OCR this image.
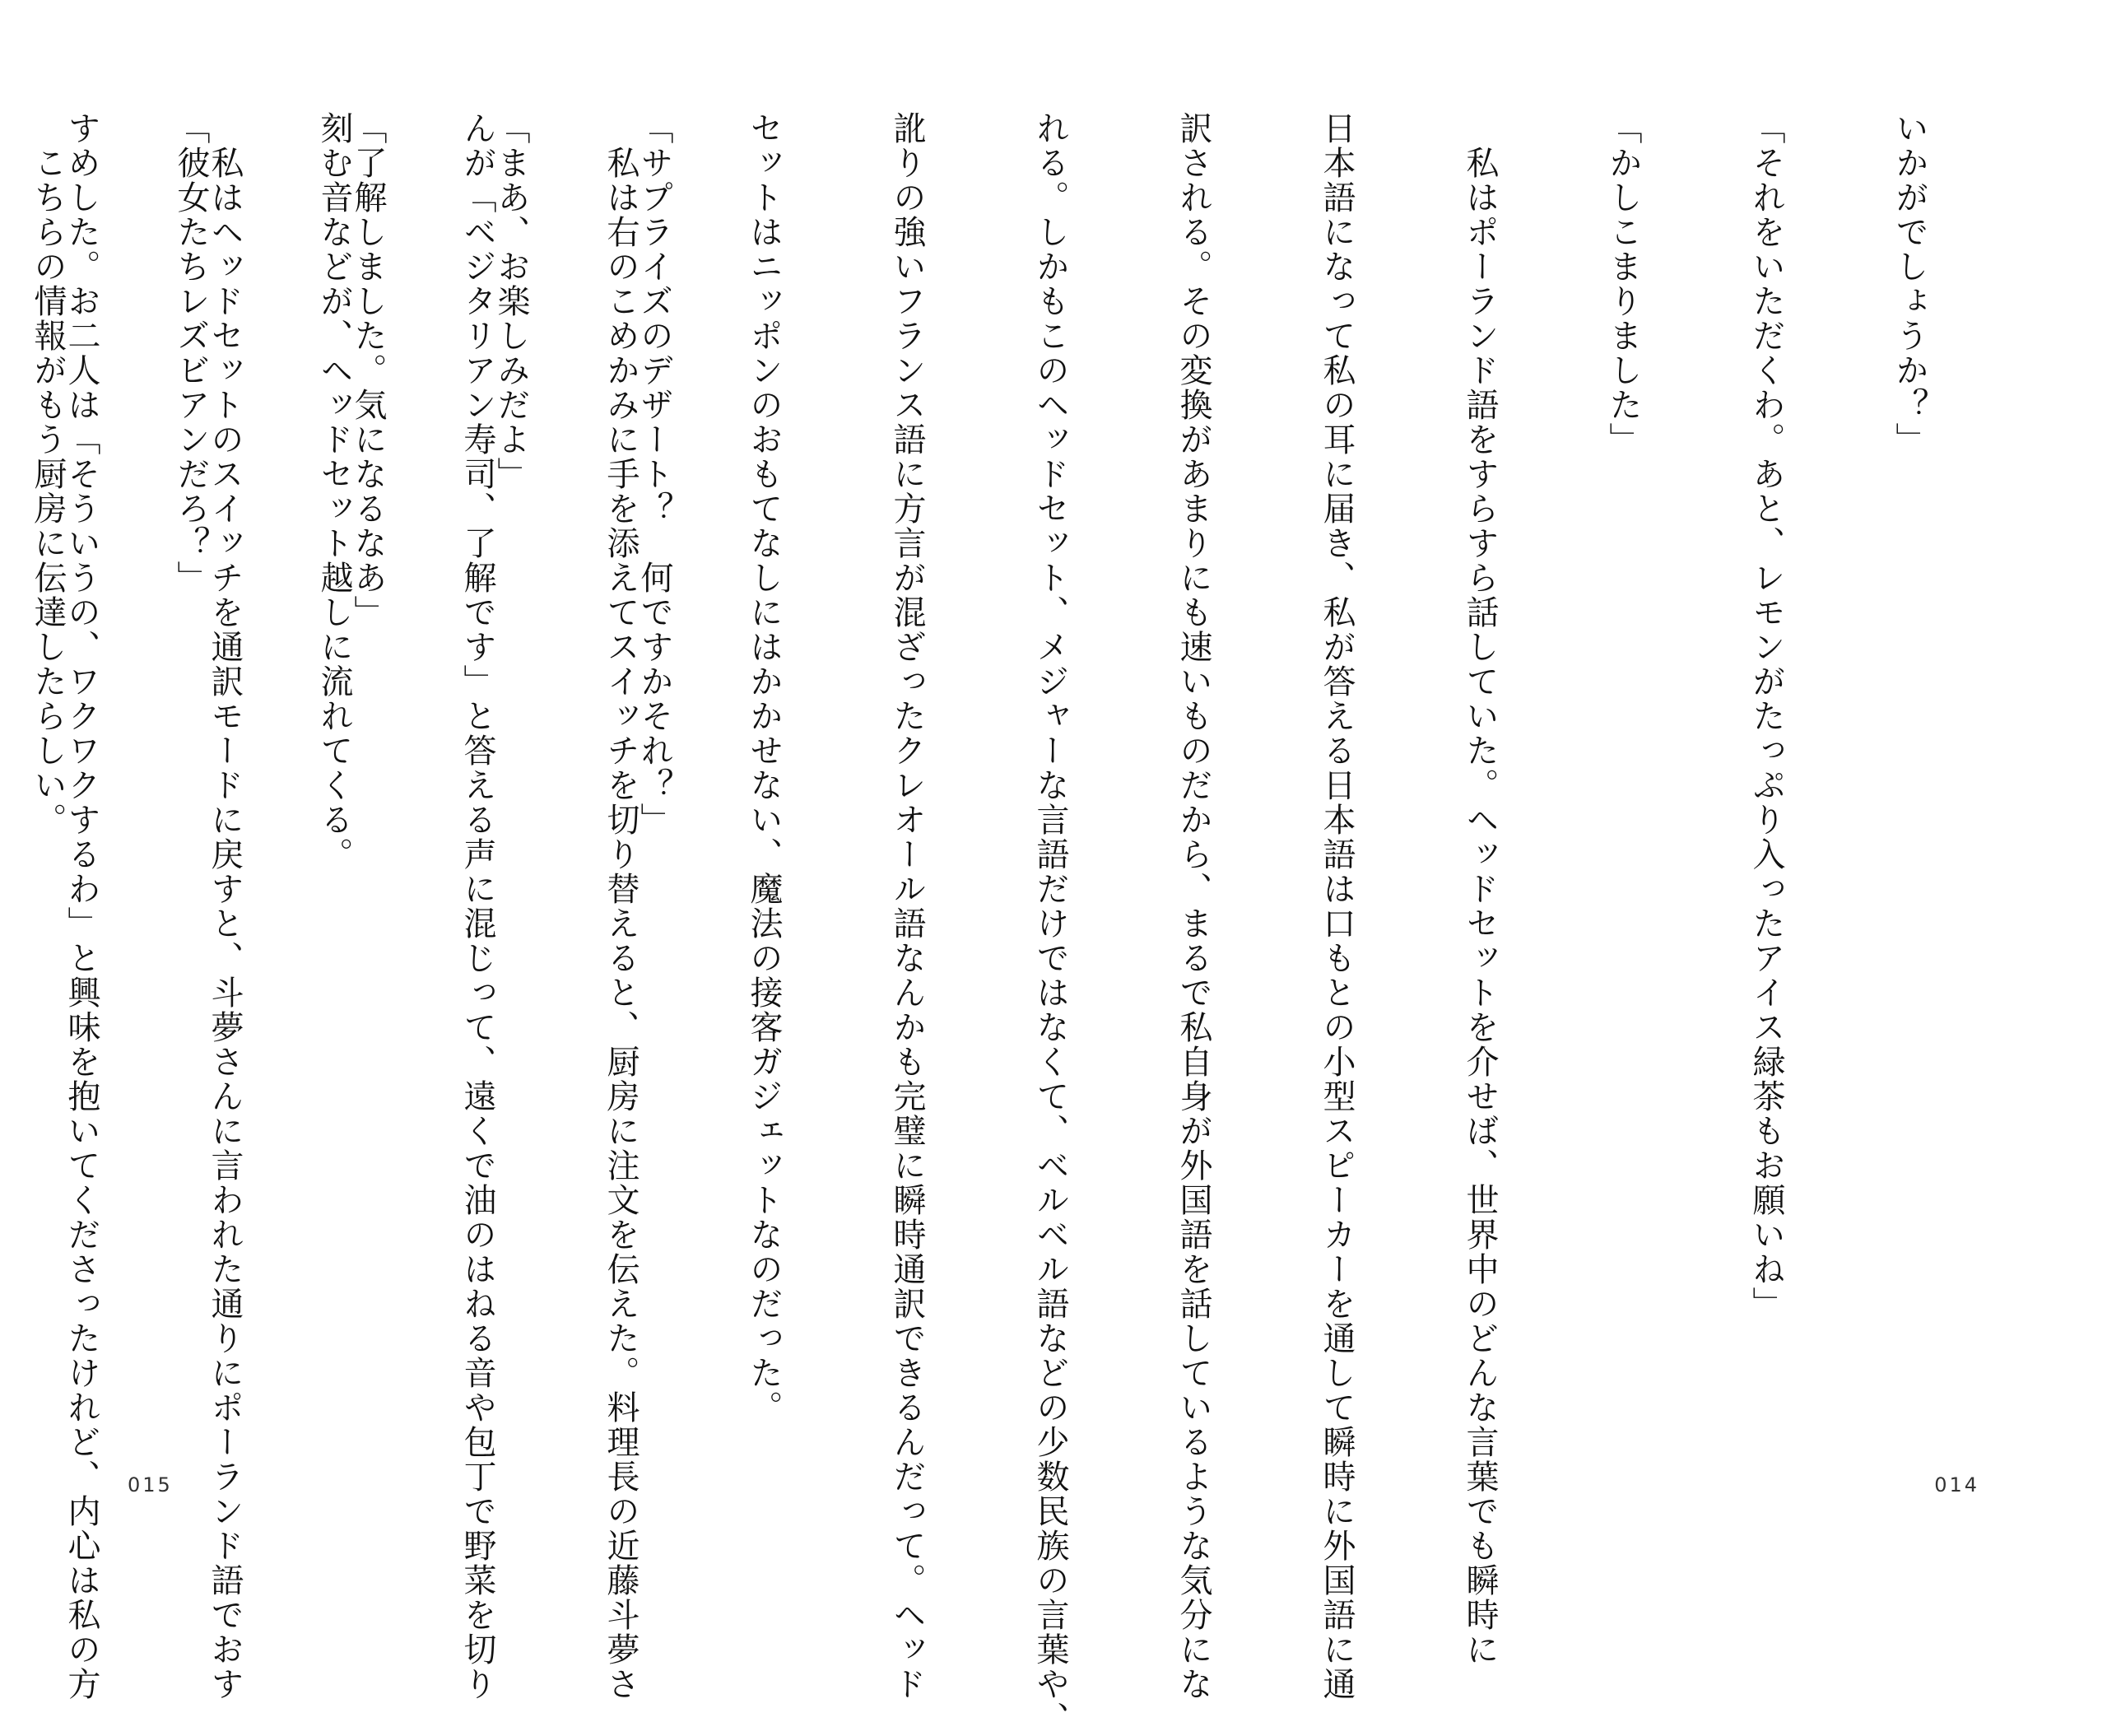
「サプライズのデザート？　何ですかそれ？」

「まあ、お楽しみだよ」

「了解しました。気になるなあ」

　私はヘッドセットのスイッチを通訳モードに戻すと、斗夢さんに言われた通りにポーランド語でおす

すめした。お二人は「そういうの、ワクワクするわ」と興味を抱いてくださったけれど、内心は私の方

015

いかがでしょうか？」

「それをいただくわ。あと、レモンがたっぷり入ったアイス緑茶もお願いね」

「かしこまりました」

　私はポーランド語をすらすら話していた。ヘッドセットを介せば、世界中のどんな言葉でも瞬時に

日本語になって私の耳に届き、私が答える日本語は口もとの小型スピーカーを通して瞬時に外国語に通

訳される。その変換があまりにも速いものだから、まるで私自身が外国語を話しているような気分にな

れる。しかもこのヘッドセット、メジャーな言語だけではなくて、ベルベル語などの少数民族の言葉や、

訛りの強いフランス語に方言が混ざったクレオール語なんかも完璧に瞬時通訳できるんだって。ヘッド

セットはニッポンのおもてなしにはかかせない、魔法の接客ガジェットなのだった。

　私は右のこめかみに手を添えてスイッチを切り替えると、厨房に注文を伝えた。料理長の近藤斗夢さ

んが「ベジタリアン寿司、了解です」と答える声に混じって、遠くで油のはねる音や包丁で野菜を切り

刻む音などが、ヘッドセット越しに流れてくる。

「彼女たちレズビアンだろ？」

　こちらの情報がもう厨房に伝達したらしい。

014
